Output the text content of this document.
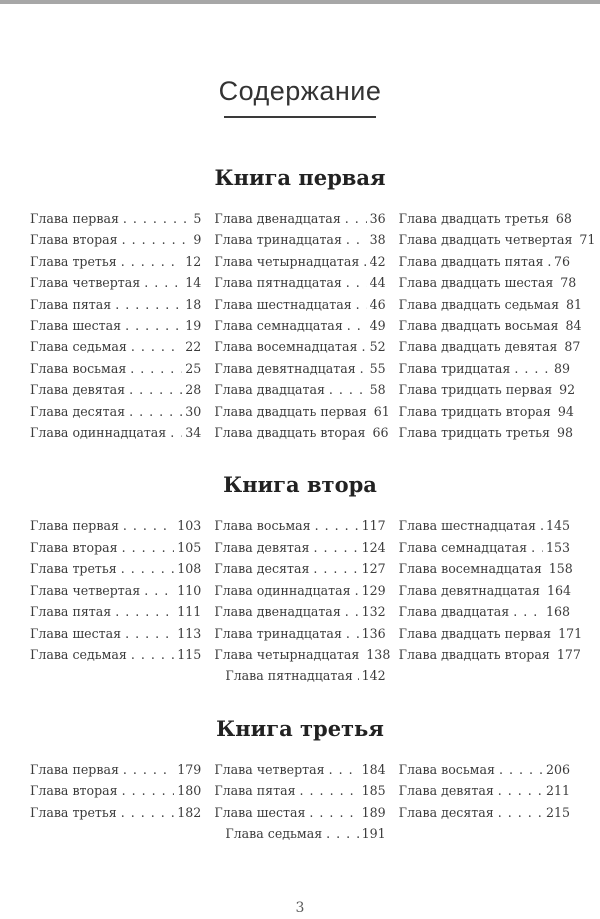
Содержание
Книга первая
Глава первая . . .	5
Глава вторая . . .	9
Глава третья . . .	12
Глава четвертая . . .	14
Глава пятая . . .	18
Глава шестая . . .	19
Глава седьмая . . .	22
Глава восьмая . . .	25
Глава девятая . . .	28
Глава десятая . . .	30
Глава одиннадцатая . . . 34
Глава двенадцатая . . . 36
Глава тринадцатая . . . 38
Глава четырнадцатая . . . 42
Глава пятнадцатая . . . 44
Глава шестнадцатая . . . 46
Глава семнадцатая . . . 49
Глава восемнадцатая . . . 52
Глава девятнадцатая . . . 55
Глава двадцатая . . .	58
Глава двадцать первая 61
Глава двадцать вторая 66
Глава двадцать третья 68
Глава двадцать четвертая 71
Глава двадцать пятая . . . 76
Глава двадцать шестая 78
Глава двадцать седьмая 81
Глава двадцать восьмая 84
Глава двадцать девятая 87
Глава тридцатая . . .	89
Глава тридцать первая 92
Глава тридцать вторая 94
Глава тридцать третья 98
Книга втора
Глава первая . . .	103
Глава вторая . . .	105
Глава третья . . .	108
Глава четвертая . . .	110
Глава пятая . . .	111
Глава шестая . . .	113
Глава седьмая . . .	115
Глава восьмая . . .	117
Глава девятая . . .	124
Глава десятая . . .	127
Глава одиннадцатая . . . 129
Глава двенадцатая . . . 132
Глава тринадцатая . . . 136
Глава четырнадцатая 138
Глава пятнадцатая . . . 142
Глава шестнадцатая . . . 145
Глава семнадцатая . . . 153
Глава восемнадцатая 158
Глава девятнадцатая 164
Глава двадцатая . . .	168
Глава двадцать первая 171
Глава двадцать вторая 177
Книга третья
Глава первая . . .	179
Глава вторая . . .	180
Глава третья . . .	182
Глава четвертая . . .	184
Глава пятая . . .	185
Глава шестая . . .	189
Глава седьмая . . .	191
Глава восьмая . . .	206
Глава девятая . . .	211
Глава десятая . . .	215
3
